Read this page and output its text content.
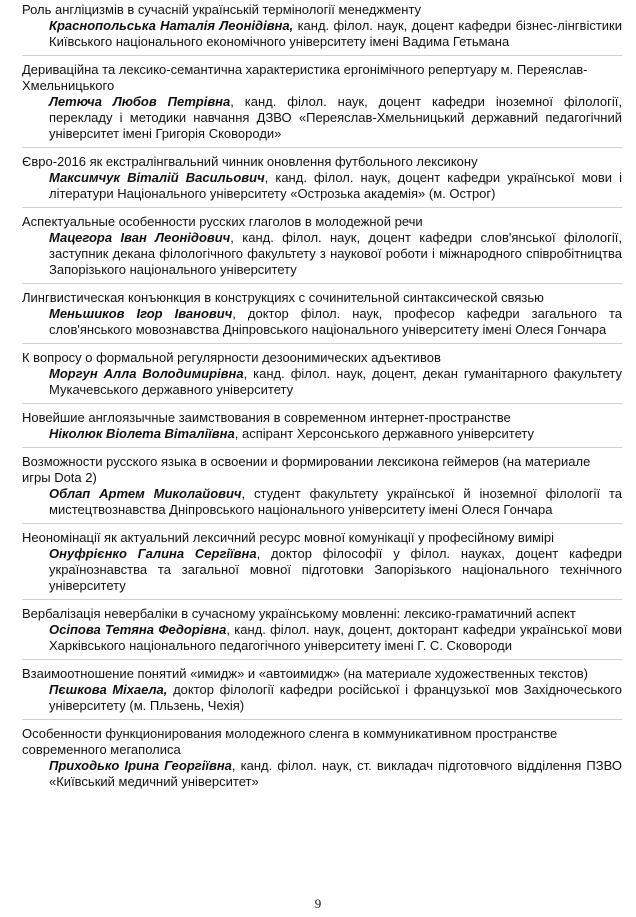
Роль англіцизмів в сучасній українській термінології менеджменту

Краснопольська Наталія Леонідівна, канд. філол. наук, доцент кафедри бізнес-лінгвістики Київського національного економічного університету імені Вадима Гетьмана

Дериваційна та лексико-семантична характеристика ергонімічного репертуару м. Переяслав-Хмельницького

Летюча Любов Петрівна, канд. філол. наук, доцент кафедри іноземної філології, перекладу і методики навчання ДЗВО «Переяслав-Хмельницький державний педагогічний університет імені Григорія Сковороди»

Євро-2016 як екстралінгвальний чинник оновлення футбольного лексикону

Максимчук Віталій Васильович, канд. філол. наук, доцент кафедри української мови і літератури Національного університету «Острозька академія» (м. Острог)

Аспектуальные особенности русских глаголов в молодежной речи

Мацегора Іван Леонідович, канд. філол. наук, доцент кафедри слов'янської філології, заступник декана філологічного факультету з наукової роботи і міжнародного співробітництва Запорізького національного університету

Лингвистическая конъюнкция в конструкциях с сочинительной синтаксической связью

Меньшиков Ігор Іванович, доктор філол. наук, професор кафедри загального та слов'янського мовознавства Дніпровського національного університету імені Олеся Гончара

К вопросу о формальной регулярности дезоонимических адъективов

Моргун Алла Володимирівна, канд. філол. наук, доцент, декан гуманітарного факультету Мукачевського державного університету

Новейшие англоязычные заимствования в современном интернет-пространстве

Ніколюк Віолета Віталіївна, аспірант Херсонського державного університету

Возможности русского языка в освоении и формировании лексикона геймеров (на материале игры Dota 2)

Облап Артем Миколайович, студент факультету української й іноземної філології та мистецтвознавства Дніпровського національного університету імені Олеся Гончара

Неономінації як актуальний лексичний ресурс мовної комунікації у професійному вимірі

Онуфрієнко Галина Сергіївна, доктор філософії у філол. науках, доцент кафедри українознавства та загальної мовної підготовки Запорізького національного технічного університету

Вербалізація невербаліки в сучасному українському мовленні: лексико-граматичний аспект

Осіпова Тетяна Федорівна, канд. філол. наук, доцент, докторант кафедри української мови Харківського національного педагогічного університету імені Г. С. Сковороди

Взаимоотношение понятий «имидж» и «автоимидж» (на материале художественных текстов)

Пєшкова Міхаела, доктор філології кафедри російської і французької мов Західночеського університету (м. Пльзень, Чехія)

Особенности функционирования молодежного сленга в коммуникативном пространстве современного мегаполиса

Приходько Ірина Георгіївна, канд. філол. наук, ст. викладач підготовчого відділення ПЗВО «Київський медичний університет»

9
